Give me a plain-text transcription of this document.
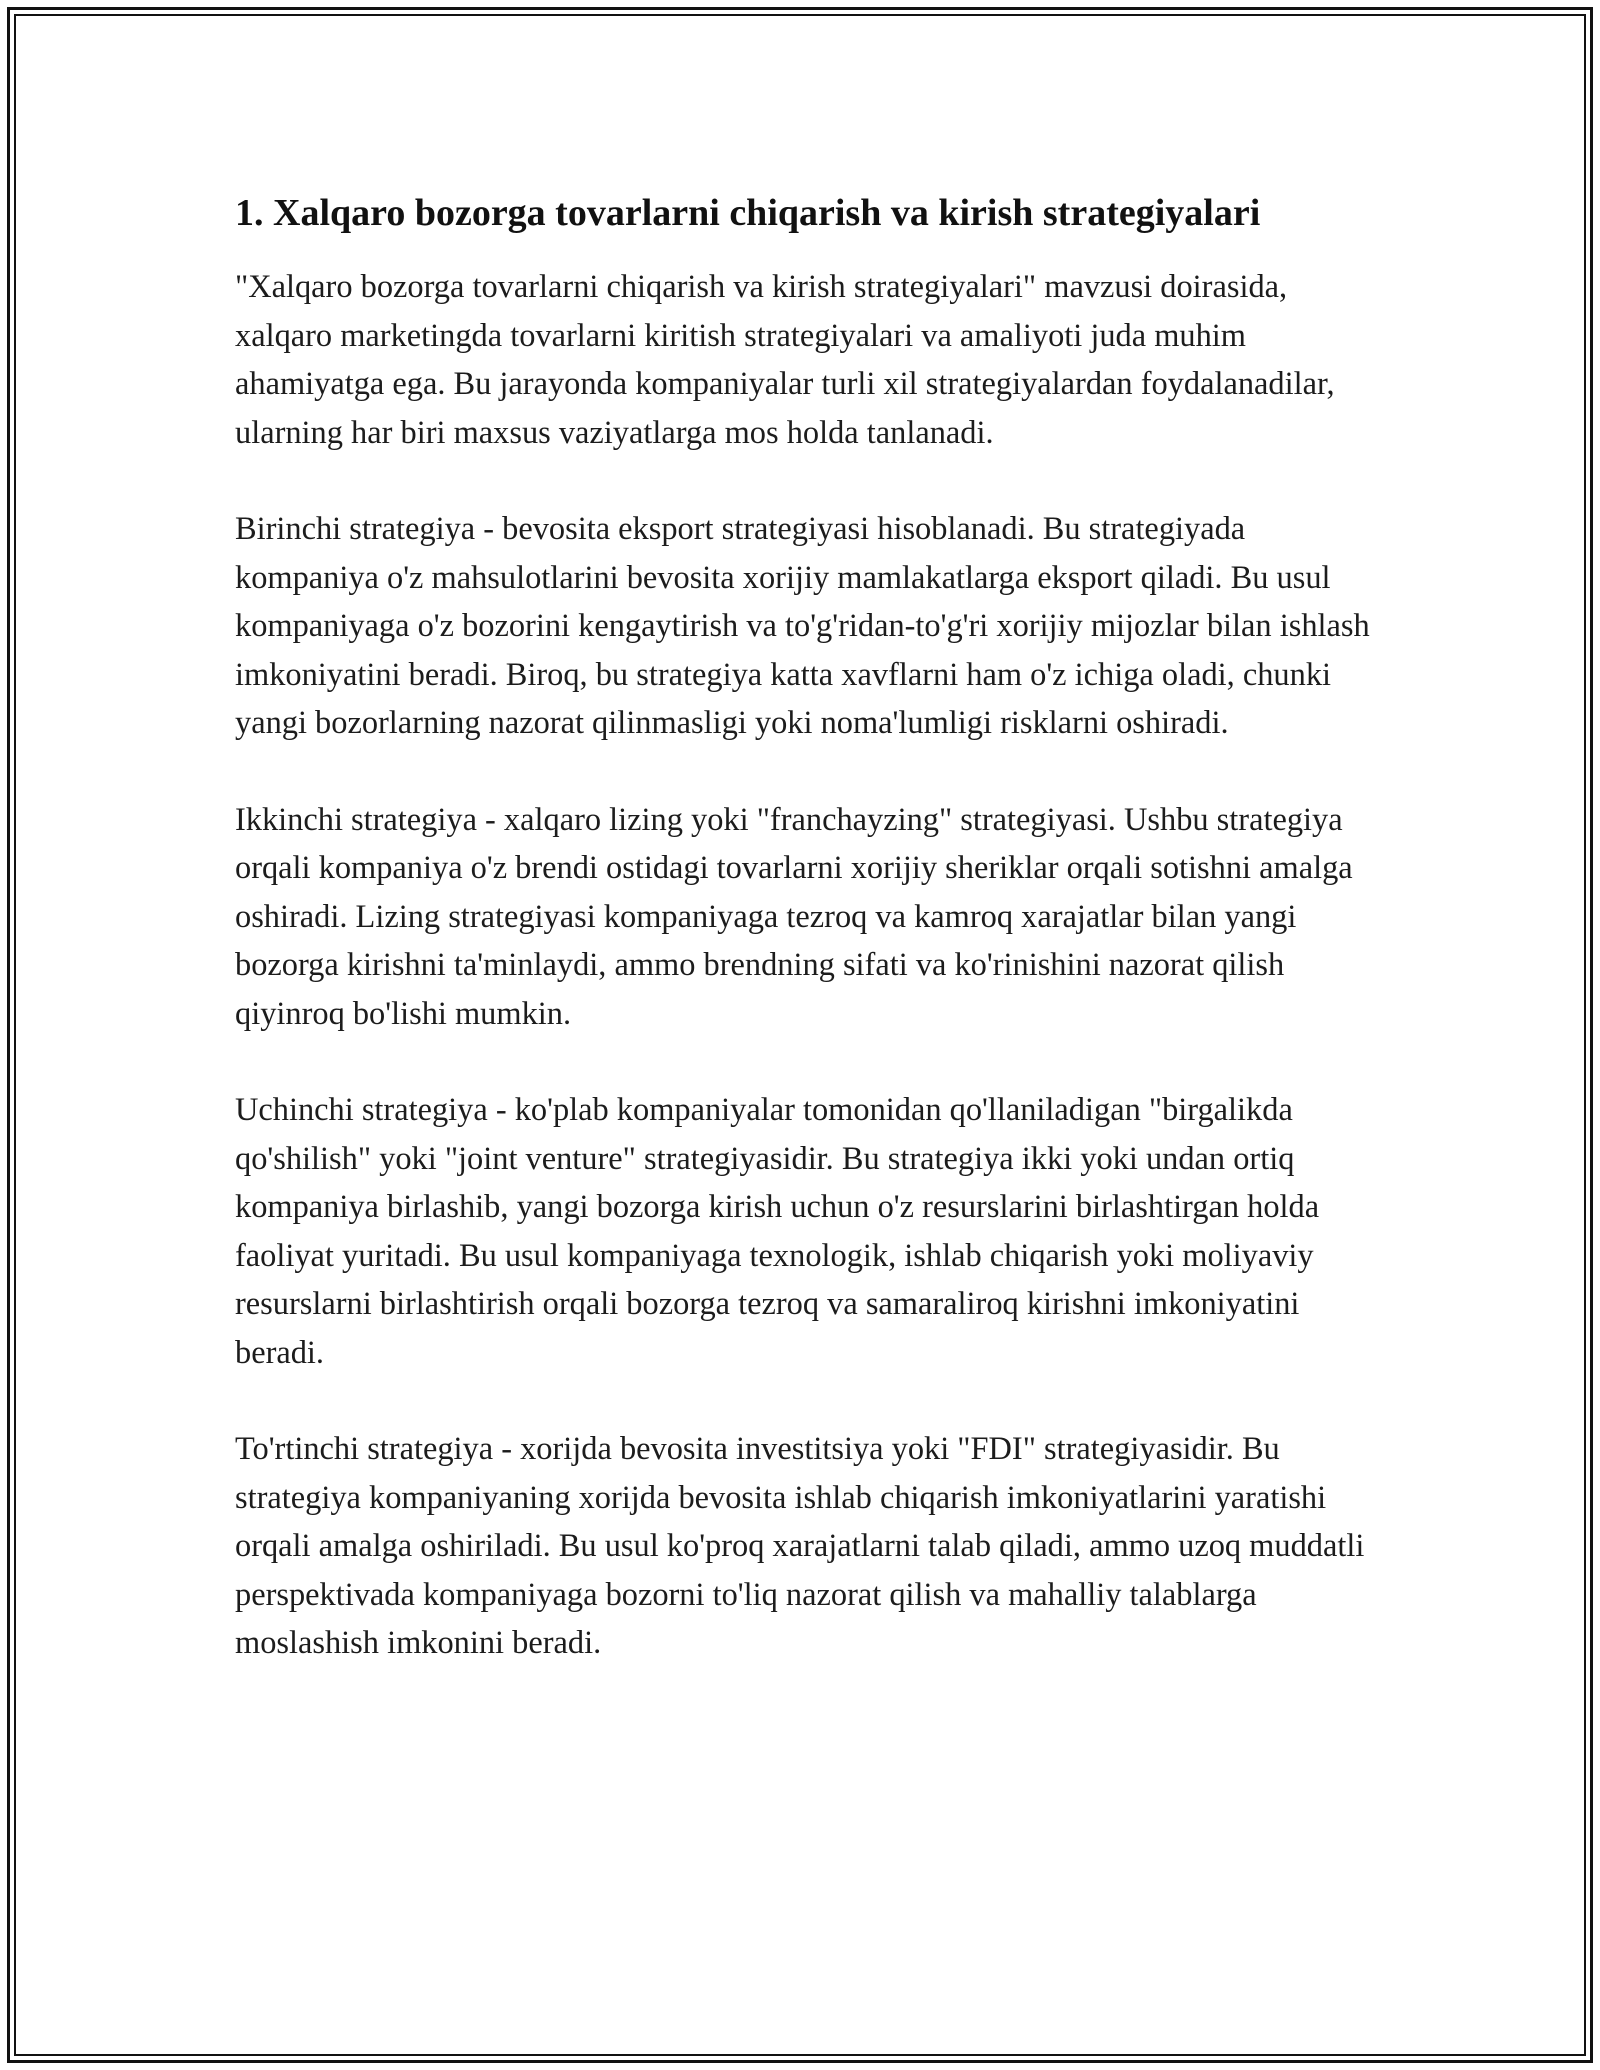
1. Xalqaro bozorga tovarlarni chiqarish va kirish strategiyalari

"Xalqaro bozorga tovarlarni chiqarish va kirish strategiyalari" mavzusi doirasida, xalqaro marketingda tovarlarni kiritish strategiyalari va amaliyoti juda muhim ahamiyatga ega. Bu jarayonda kompaniyalar turli xil strategiyalardan foydalanadilar, ularning har biri maxsus vaziyatlarga mos holda tanlanadi.

Birinchi strategiya - bevosita eksport strategiyasi hisoblanadi. Bu strategiyada kompaniya o'z mahsulotlarini bevosita xorijiy mamlakatlarga eksport qiladi. Bu usul kompaniyaga o'z bozorini kengaytirish va to'g'ridan-to'g'ri xorijiy mijozlar bilan ishlash imkoniyatini beradi. Biroq, bu strategiya katta xavflarni ham o'z ichiga oladi, chunki yangi bozorlarning nazorat qilinmasligi yoki noma'lumligi risklarni oshiradi.

Ikkinchi strategiya - xalqaro lizing yoki "franchayzing" strategiyasi. Ushbu strategiya orqali kompaniya o'z brendi ostidagi tovarlarni xorijiy sheriklar orqali sotishni amalga oshiradi. Lizing strategiyasi kompaniyaga tezroq va kamroq xarajatlar bilan yangi bozorga kirishni ta'minlaydi, ammo brendning sifati va ko'rinishini nazorat qilish qiyinroq bo'lishi mumkin.

Uchinchi strategiya - ko'plab kompaniyalar tomonidan qo'llaniladigan "birgalikda qo'shilish" yoki "joint venture" strategiyasidir. Bu strategiya ikki yoki undan ortiq kompaniya birlashib, yangi bozorga kirish uchun o'z resurslarini birlashtirgan holda faoliyat yuritadi. Bu usul kompaniyaga texnologik, ishlab chiqarish yoki moliyaviy resurslarni birlashtirish orqali bozorga tezroq va samaraliroq kirishni imkoniyatini beradi.

To'rtinchi strategiya - xorijda bevosita investitsiya yoki "FDI" strategiyasidir. Bu strategiya kompaniyaning xorijda bevosita ishlab chiqarish imkoniyatlarini yaratishi orqali amalga oshiriladi. Bu usul ko'proq xarajatlarni talab qiladi, ammo uzoq muddatli perspektivada kompaniyaga bozorni to'liq nazorat qilish va mahalliy talablarga moslashish imkonini beradi.
